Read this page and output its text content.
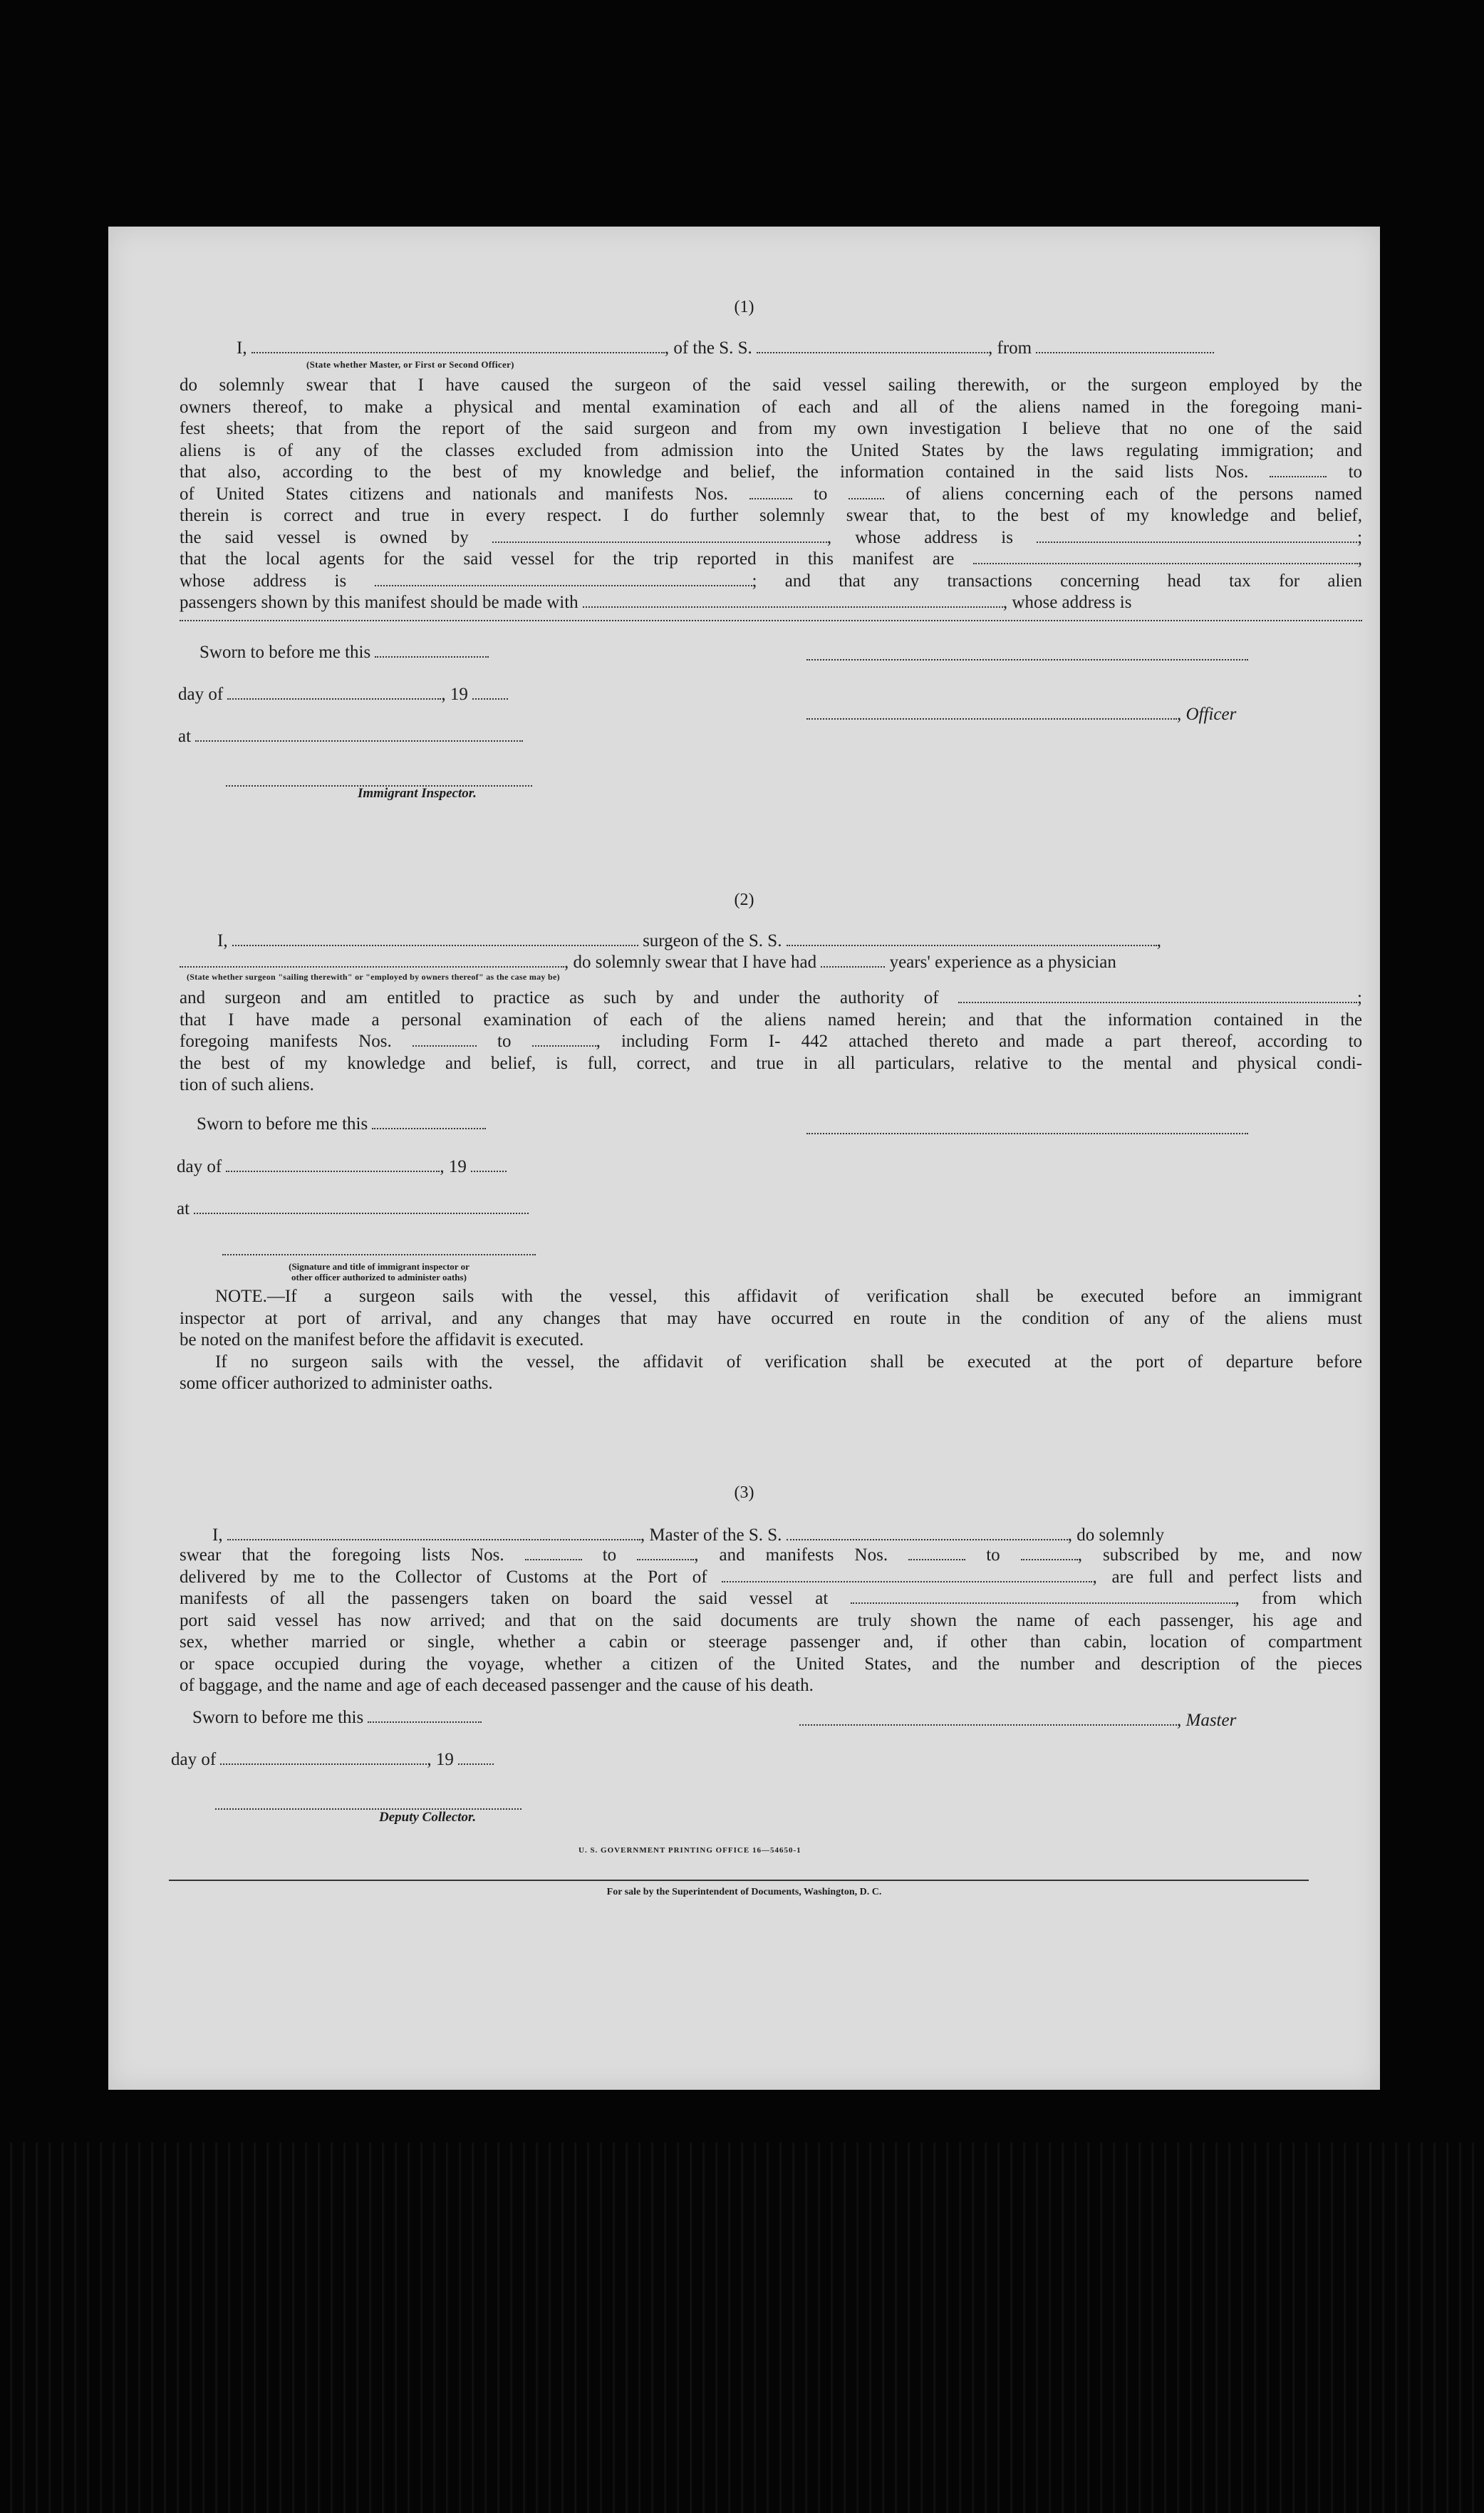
(1)
I,	, of the S. S.	, from
(State whether Master, or First or Second Officer)
do solemnly swear that I have caused the surgeon of the said vessel sailing therewith, or the surgeon employed by the
owners thereof, to make a physical and mental examination of each and all of the aliens named in the foregoing mani-
fest sheets; that from the report of the said surgeon and from my own investigation I believe that no one of the said
aliens is of any of the classes excluded from admission into the United States by the laws regulating immigration; and
that also, according to the best of my knowledge and belief, the information contained in the said lists Nos.	to
of United States citizens and nationals and manifests Nos.	to	of aliens concerning each of the persons named
therein is correct and true in every respect. I do further solemnly swear that, to the best of my knowledge and belief,
the said vessel is owned by	, whose address is	;
that the local agents for the said vessel for the trip reported in this manifest are	,
whose address is	; and that any transactions concerning head tax for alien
passengers shown by this manifest should be made with	, whose address is
Sworn to before me this
day of	, 19
, Officer
at
Immigrant Inspector.
(2)
I,	surgeon of the S. S.	,
, do solemnly swear that I have had	years' experience as a physician
(State whether surgeon "sailing therewith" or "employed by owners thereof" as the case may be)
and surgeon and am entitled to practice as such by and under the authority of	;
that I have made a personal examination of each of the aliens named herein; and that the information contained in the
foregoing manifests Nos.	to	, including Form I- 442 attached thereto and made a part thereof, according to
the best of my knowledge and belief, is full, correct, and true in all particulars, relative to the mental and physical condi-
tion of such aliens.
Sworn to before me this
day of	, 19
at
(Signature and title of immigrant inspector or
other officer authorized to administer oaths)
NOTE.—If a surgeon sails with the vessel, this affidavit of verification shall be executed before an immigrant
inspector at port of arrival, and any changes that may have occurred en route in the condition of any of the aliens must
be noted on the manifest before the affidavit is executed.
If no surgeon sails with the vessel, the affidavit of verification shall be executed at the port of departure before
some officer authorized to administer oaths.
(3)
I,	, Master of the S. S.	, do solemnly
swear that the foregoing lists Nos.	to	, and manifests Nos.	to	, subscribed by me, and now
delivered by me to the Collector of Customs at the Port of	, are full and perfect lists and
manifests of all the passengers taken on board the said vessel at	, from which
port said vessel has now arrived; and that on the said documents are truly shown the name of each passenger, his age and
sex, whether married or single, whether a cabin or steerage passenger and, if other than cabin, location of compartment
or space occupied during the voyage, whether a citizen of the United States, and the number and description of the pieces
of baggage, and the name and age of each deceased passenger and the cause of his death.
Sworn to before me this	, Master
day of	, 19
Deputy Collector.
U. S. GOVERNMENT PRINTING OFFICE 16—54650-1
For sale by the Superintendent of Documents, Washington, D. C.
